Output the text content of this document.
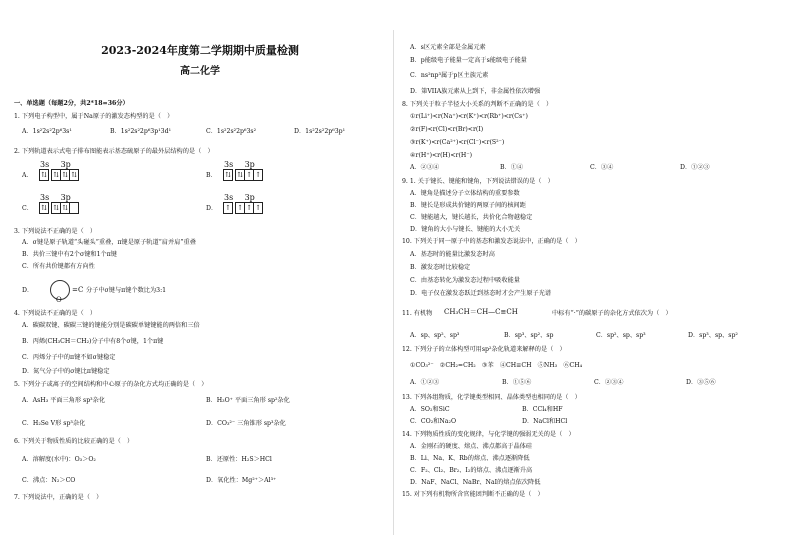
2023-2024年度第二学期期中质量检测
高二化学
一、单选题（每题2分，共2*18=36分）
1. 下列电子构型中，属于Na原子的激发态构型的是（　）
A．1s²2s²2p⁶3s¹	B．1s²2s²2p⁶3p¹3d¹	C．1s²2s²2p⁶3s²	D．1s²2s²2p⁶3p¹
2. 下列轨道表示式电子排布图能表示基态硫原子的最外层结构的是（　）
A．
3s
⇅
3p
⇅ ⇅ ⇅	B．
3s
⇅
3p
⇅ ↑ ↑
C．
3s
⇅
3p
⇅ ⇅	D．
3s
↑
3p
↑ ↑ ↑
3. 下列说法不正确的是（　）
A．σ键是原子轨道“头碰头”重叠，π键是原子轨道“肩并肩”重叠
B．共价三键中有2个σ键和1个π键
C．所有共价键都有方向性
D．
O
= C 分子中σ键与π键个数比为3:1
4. 下列说法不正确的是（　）
A．碳碳双键、碳碳三键的键能分别是碳碳单键键能的两倍和三倍
B．丙烯(CH₃CH＝CH₂)分子中有8个σ键，1个π键
C．丙烯分子中的π键不如σ键稳定
D．氮气分子中的σ键比π键稳定
5. 下列分子或离子的空间结构和中心原子的杂化方式均正确的是（　）
A．AsH₃ 平面三角形 sp³杂化	B．H₃O⁺ 平面三角形 sp²杂化
C．H₂Se V形 sp³杂化	D．CO₃²⁻ 三角锥形 sp³杂化
6. 下列关于物质性质的比较正确的是（　）
A．溶解度(水中)：O₃＞O₂	B．还原性：H₂S＞HCl
C．沸点：N₂＞CO	D．氧化性：Mg²⁺＞Al³⁺
7. 下列说法中，正确的是（　）
A．s区元素全部是金属元素
B．p能级电子能量一定高于s能级电子能量
C．ns²np³属于p区主族元素
D．第VIIA族元素从上到下，非金属性依次增强
8. 下列关于粒子半径大小关系的判断不正确的是（　）
①r(Li⁺)<r(Na⁺)<r(K⁺)<r(Rb⁺)<r(Cs⁺)
②r(F)<r(Cl)<r(Br)<r(I)
③r(K⁺)<r(Ca²⁺)<r(Cl⁻)<r(S²⁻)
④r(H⁺)<r(H)<r(H⁻)
A．②③④	B．①④	C．③④	D．①②③
9. 1. 关于键长、键能和键角，下列说法错误的是（　）
A．键角是描述分子立体结构的重要参数
B．键长是形成共价键的两原子间的核间距
C．键能越大，键长越长，共价化合物越稳定
D．键角的大小与键长、键能的大小无关
10. 下列关于同一原子中的基态和激发态说法中，正确的是（　）
A．基态时的能量比激发态时高
B．激发态时比较稳定
C．由基态转化为激发态过程中吸收能量
D．电子仅在激发态跃迁到基态时才会产生原子光谱
11. 有机物 CH₃CH＝CH—C≡CH	中标有“·”的碳原子的杂化方式依次为（　）
A．sp、sp²、sp³	B．sp³、sp²、sp	C．sp²、sp、sp³	D．sp³、sp、sp²
12. 下列分子的立体构型可用sp²杂化轨道来解释的是（　）
①CO₃²⁻　②CH₂=CH₂　③苯　④CH≡CH　⑤NH₃　⑥CH₄
A．①②③	B．①⑤⑥	C．②③④	D．③⑤⑥
13. 下列各组物质，化学键类型相同、晶体类型也相同的是（　）
A．SO₂和SiC	B．CCl₄和HF
C．CO₂和Na₂O	D．NaCl和HCl
14. 下列物质性质的变化规律，与化学键的强弱无关的是（　）
A．金刚石的硬度、熔点、沸点都高于晶体硅
B．Li、Na、K、Rb的熔点、沸点逐渐降低
C．F₂、Cl₂、Br₂、I₂的熔点、沸点逐渐升高
D．NaF、NaCl、NaBr、NaI的熔点依次降低
15. 对下列有机物所含官能团判断不正确的是（　）
